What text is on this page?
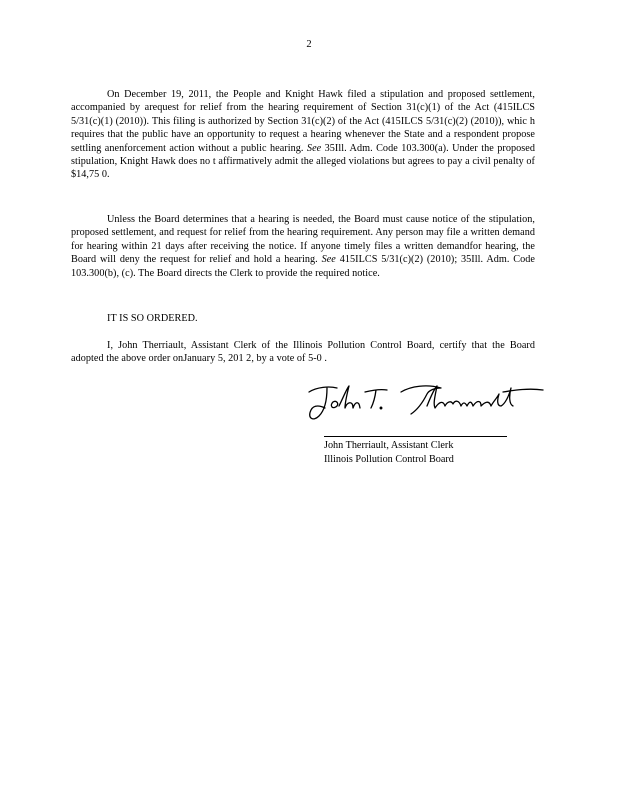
2

On December 19, 2011, the People and Knight Hawk filed a stipulation and proposed settlement, accompanied by arequest for relief from the hearing requirement of Section 31(c)(1) of the Act (415ILCS 5/31(c)(1) (2010)). This filing is authorized by Section 31(c)(2) of the Act (415ILCS 5/31(c)(2) (2010)), whic h requires that the public have an opportunity to request a hearing whenever the State and a respondent propose settling anenforcement action without a public hearing. See 35Ill. Adm. Code 103.300(a). Under the proposed stipulation, Knight Hawk does no t affirmatively admit the alleged violations but agrees to pay a civil penalty of $14,75 0.

Unless the Board determines that a hearing is needed, the Board must cause notice of the stipulation, proposed settlement, and request for relief from the hearing requirement. Any person may file a written demand for hearing within 21 days after receiving the notice. If anyone timely files a written demandfor hearing, the Board will deny the request for relief and hold a hearing. See 415ILCS 5/31(c)(2) (2010); 35Ill. Adm. Code 103.300(b), (c). The Board directs the Clerk to provide the required notice.

IT IS SO ORDERED.

I, John Therriault, Assistant Clerk of the Illinois Pollution Control Board, certify that the Board adopted the above order onJanuary 5, 201 2, by a vote of 5-0 .

John Therriault, Assistant Clerk
Illinois Pollution Control Board
